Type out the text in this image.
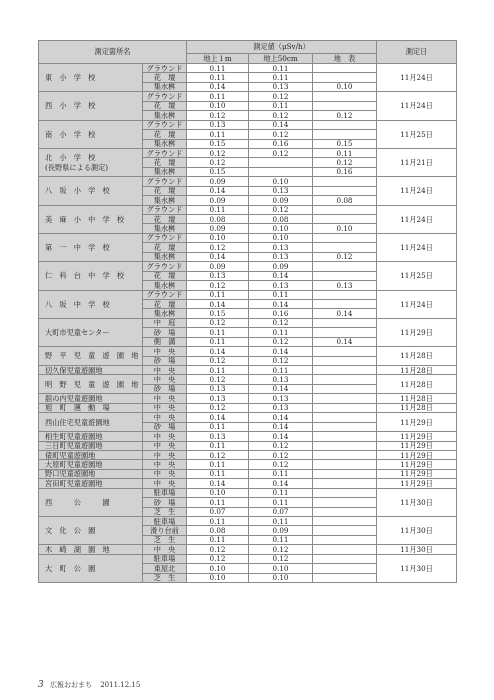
測定箇所名		測定値（μSv/h）			測定日
		地上１m	地上50cm	地　表	

東　小　学　校	グラウンド	0.11	0.11		11月24日
	花　壇	0.11	0.11		
	集水桝	0.14	0.13	0.10	

西　小　学　校	グラウンド	0.11	0.12		11月24日
	花　壇	0.10	0.11		
	集水桝	0.12	0.12	0.12	

南　小　学　校	グラウンド	0.13	0.14		11月25日
	花　壇	0.11	0.12		
	集水桝	0.15	0.16	0.15	

北　小　学　校
(長野県による測定)	グラウンド	0.12	0.12	0.11	11月21日
	花　壇	0.12		0.12	
	集水桝	0.15		0.16	

八　坂　小　学　校	グラウンド	0.09	0.10		11月24日
	花　壇	0.14	0.13		
	集水桝	0.09	0.09	0.08	

美　麻　小　中　学　校	グラウンド	0.11	0.12		11月24日
	花　壇	0.08	0.08		
	集水桝	0.09	0.10	0.10	

第　一　中　学　校	グラウンド	0.10	0.10		11月24日
	花　壇	0.12	0.13		
	集水桝	0.14	0.13	0.12	

仁　科　台　中　学　校	グラウンド	0.09	0.09		11月25日
	花　壇	0.13	0.14		
	集水桝	0.12	0.13	0.13	

八　坂　中　学　校	グラウンド	0.11	0.11		11月24日
	花　壇	0.14	0.14		
	集水桝	0.15	0.16	0.14	

大町市児童センター	中　庭	0.12	0.12		11月29日
	砂　場	0.11	0.11		
	側　溝	0.11	0.12	0.14	

野　平　児　童　遊　園　地	中　央	0.14	0.14		11月28日
	砂　場	0.12	0.12		

切久保児童遊園地	中　央	0.11	0.11		11月28日

明　野　児　童　遊　園　地	中　央	0.12	0.13		11月28日
	砂　場	0.13	0.14		

舘の内児童遊園地	中　央	0.13	0.13		11月28日

旭　町　運　動　場	中　央	0.12	0.13		11月28日

西山住宅児童遊園地	中　央	0.14	0.14		11月29日
	砂　場	0.11	0.14		

相生町児童遊園地	中　央	0.13	0.14		11月29日

三日町児童遊園地	中　央	0.11	0.12		11月29日

俵町児童遊園地	中　央	0.12	0.12		11月29日

大原町児童遊園地	中　央	0.11	0.12		11月29日

野口児童遊園地	中　央	0.11	0.11		11月29日

宮田町児童遊園地	中　央	0.14	0.14		11月29日

西　　　公　　　園	駐車場	0.10	0.11		11月30日
	砂　場	0.11	0.11		
	芝　生	0.07	0.07		

文　化　公　園	駐車場	0.11	0.11		11月30日
	滑り台前	0.08	0.09		
	芝　生	0.11	0.11		

木　崎　湖　園　地	中　央	0.12	0.12		11月30日

大　町　公　園	駐車場	0.12	0.12		11月30日
	東屋北	0.10	0.10		
	芝　生	0.10	0.10		
3 広報おおまち 2011.12.15
